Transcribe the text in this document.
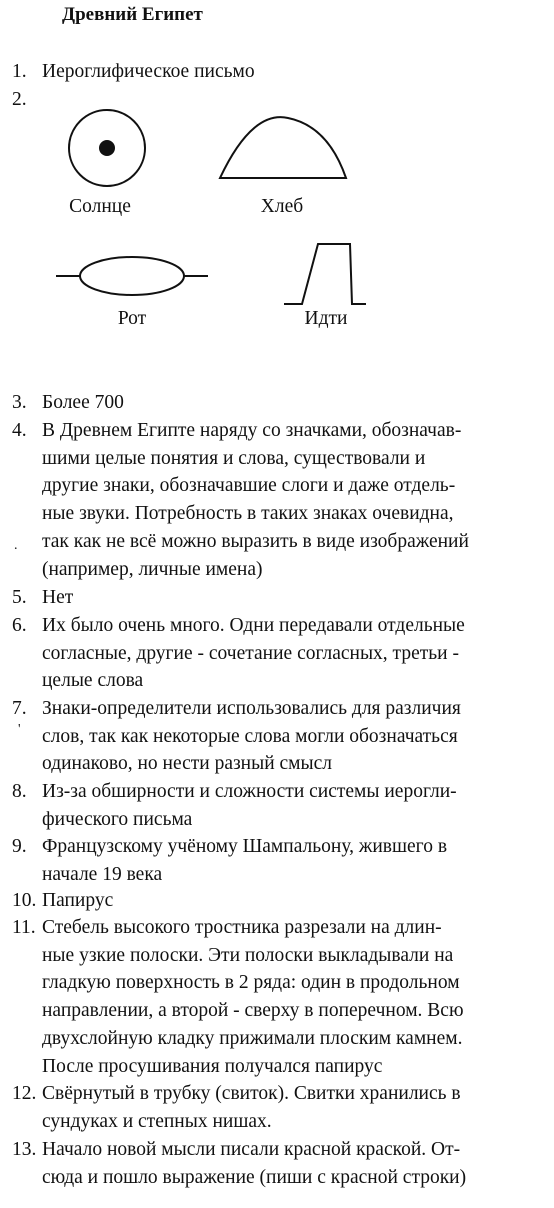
Древний Египет
1. Иероглифическое письмо
2.
Солнце	Хлеб
Рот	Идти
3. Более 700
4. В Древнем Египте наряду со значками, обозначав-
шими целые понятия и слова, существовали и
другие знаки, обозначавшие слоги и даже отдель-
ные звуки. Потребность в таких знаках очевидна,
так как не всё можно выразить в виде изображений
(например, личные имена)
.
5. Нет
6. Их было очень много. Одни передавали отдельные
согласные, другие - сочетание согласных, третьи -
целые слова
7. Знаки-определители использовались для различия
слов, так как некоторые слова могли обозначаться
одинаково, но нести разный смысл
'
8. Из-за обширности и сложности системы иерогли-
фического письма
9. Французскому учёному Шампальону, жившего в
начале 19 века
10. Папирус
11. Стебель высокого тростника разрезали на длин-
ные узкие полоски. Эти полоски выкладывали на
гладкую поверхность в 2 ряда: один в продольном
направлении, а второй - сверху в поперечном. Всю
двухслойную кладку прижимали плоским камнем.
После просушивания получался папирус
12. Свёрнутый в трубку (свиток). Свитки хранились в
сундуках и степных нишах.
13. Начало новой мысли писали красной краской. От-
сюда и пошло выражение (пиши с красной строки)
